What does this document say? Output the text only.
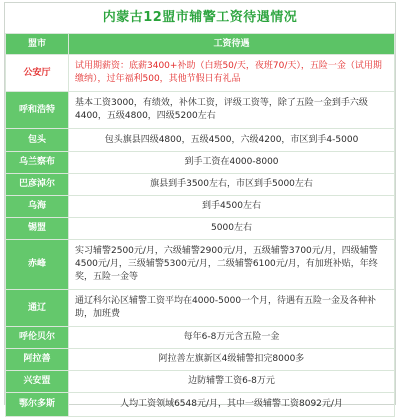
内蒙古12盟市辅警工资待遇情况
盟市	工资待遇
公安厅	试用期薪资：底薪3400+补助（白班50/天，夜班70/天），五险一金（试用期缴纳），过年福利500，其他节假日有礼品
呼和浩特	基本工资3000，有绩效，补休工资，评级工资等，除了五险一金到手六级4400，五级4800，四级5200左右
包头	包头旗县四级4800，五级4500，六级4200，市区到手4-5000
乌兰察布	到手工资在4000-8000
巴彦淖尔	旗县到手3500左右，市区到手5000左右
乌海	到手4500左右
锡盟	5000左右
赤峰	实习辅警2500元/月，六级辅警2900元/月，五级辅警3700元/月，四级辅警4500元/月，三级辅警5300元/月，二级辅警6100元/月，有加班补贴，年终奖，五险一金等
通辽	通辽科尔沁区辅警工资平均在4000-5000一个月，待遇有五险一金及各种补助，加班费
呼伦贝尔	每年6-8万元含五险一金
阿拉善	阿拉善左旗新区4级辅警扣完8000多
兴安盟	边防辅警工资6-8万元
鄂尔多斯	人均工资领域6548元/月，其中一级辅警工资8092元/月
